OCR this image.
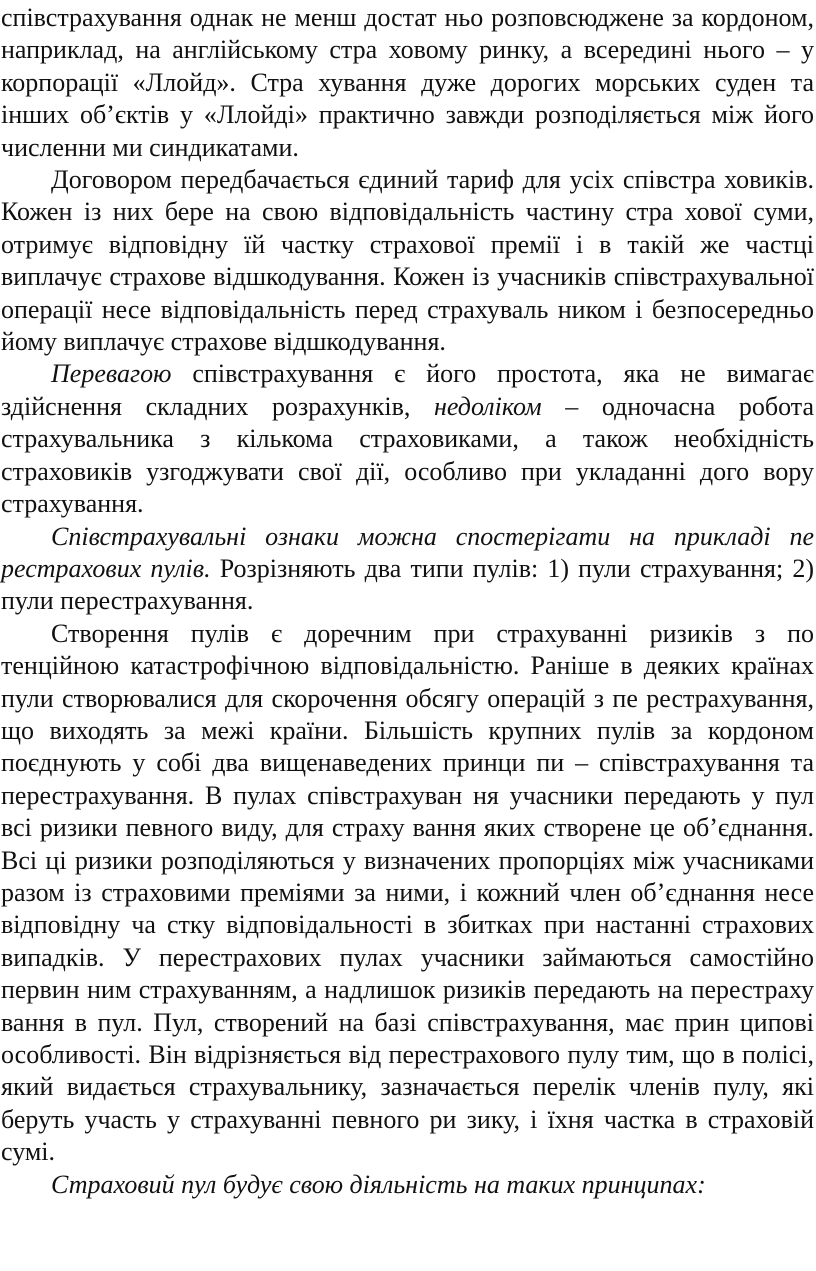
співстрахування однак не менш достат ньо розповсюджене за кордоном, наприклад, на англійському стра ховому ринку, а всередині нього – у корпорації «Ллойд». Стра хування дуже дорогих морських суден та інших об’єктів у «Ллойді» практично завжди розподіляється між його численни ми синдикатами.

Договором передбачається єдиний тариф для усіх співстра ховиків. Кожен із них бере на свою відповідальність частину стра хової суми, отримує відповідну їй частку страхової премії і в такій же частці виплачує страхове відшкодування. Кожен із учасників співстрахувальної операції несе відповідальність перед страхуваль ником і безпосередньо йому виплачує страхове відшкодування.

Перевагою співстрахування є його простота, яка не вимагає здійснення складних розрахунків, недоліком – одночасна робота страхувальника з кількома страховиками, а також необхідність страховиків узгоджувати свої дії, особливо при укладанні дого вору страхування.

Співстрахувальні ознаки можна спостерігати на прикладі пе рестрахових пулів. Розрізняють два типи пулів: 1) пули страхування; 2) пули перестрахування.

Створення пулів є доречним при страхуванні ризиків з по тенційною катастрофічною відповідальністю. Раніше в деяких країнах пули створювалися для скорочення обсягу операцій з пе рестрахування, що виходять за межі країни. Більшість крупних пулів за кордоном поєднують у собі два вищенаведених принци пи – співстрахування та перестрахування. В пулах співстрахуван ня учасники передають у пул всі ризики певного виду, для страху вання яких створене це об’єднання. Всі ці ризики розподіляються у визначених пропорціях між учасниками разом із страховими преміями за ними, і кожний член об’єднання несе відповідну ча стку відповідальності в збитках при настанні страхових випадків. У перестрахових пулах учасники займаються самостійно первин ним страхуванням, а надлишок ризиків передають на перестраху вання в пул. Пул, створений на базі співстрахування, має прин ципові особливості. Він відрізняється від перестрахового пулу тим, що в полісі, який видається страхувальнику, зазначається перелік членів пулу, які беруть участь у страхуванні певного ри зику, і їхня частка в страховій сумі.

Страховий пул будує свою діяльність на таких принципах:
